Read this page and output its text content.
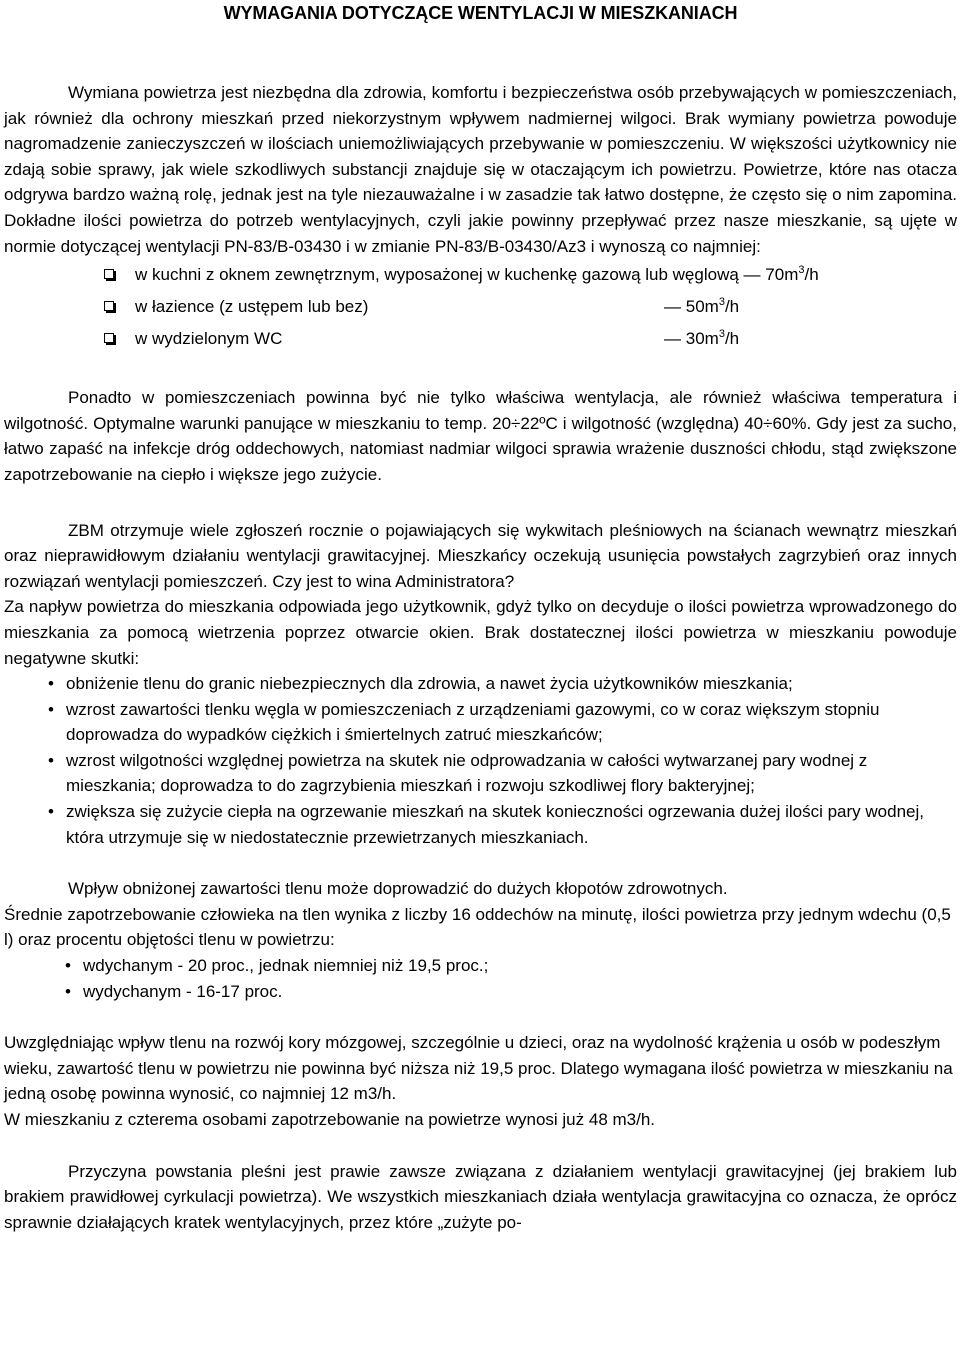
WYMAGANIA DOTYCZĄCE WENTYLACJI W MIESZKANIACH

Wymiana powietrza jest niezbędna dla zdrowia, komfortu i bezpieczeństwa osób przebywających w pomieszczeniach, jak również dla ochrony mieszkań przed niekorzystnym wpływem nadmiernej wilgoci. Brak wymiany powietrza powoduje nagromadzenie zanieczyszczeń w ilościach uniemożliwiających przebywanie w pomieszczeniu. W większości użytkownicy nie zdają sobie sprawy, jak wiele szkodliwych substancji znajduje się w otaczającym ich powietrzu. Powietrze, które nas otacza odgrywa bardzo ważną rolę, jednak jest na tyle niezauważalne i w zasadzie tak łatwo dostępne, że często się o nim zapomina. Dokładne ilości powietrza do potrzeb wentylacyjnych, czyli jakie powinny przepływać przez nasze mieszkanie, są ujęte w normie dotyczącej wentylacji PN-83/B-03430 i w zmianie PN-83/B-03430/Az3 i wynoszą co najmniej:

w kuchni z oknem zewnętrznym, wyposażonej w kuchenkę gazową lub węglową — $70m^3/h$
w łazience (z ustępem lub bez)	— $50m^3/h$
w wydzielonym WC	— $30m^3/h$

Ponadto w pomieszczeniach powinna być nie tylko właściwa wentylacja, ale również właściwa temperatura i wilgotność. Optymalne warunki panujące w mieszkaniu to temp. 20÷22ºC i wilgotność (względna) 40÷60%. Gdy jest za sucho, łatwo zapaść na infekcje dróg oddechowych, natomiast nadmiar wilgoci sprawia wrażenie duszności chłodu, stąd zwiększone zapotrzebowanie na ciepło i większe jego zużycie.

ZBM otrzymuje wiele zgłoszeń rocznie o pojawiających się wykwitach pleśniowych na ścianach wewnątrz mieszkań oraz nieprawidłowym działaniu wentylacji grawitacyjnej. Mieszkańcy oczekują usunięcia powstałych zagrzybień oraz innych rozwiązań wentylacji pomieszczeń. Czy jest to wina Administratora?

Za napływ powietrza do mieszkania odpowiada jego użytkownik, gdyż tylko on decyduje o ilości powietrza wprowadzonego do mieszkania za pomocą wietrzenia poprzez otwarcie okien. Brak dostatecznej ilości powietrza w mieszkaniu powoduje negatywne skutki:

• obniżenie tlenu do granic niebezpiecznych dla zdrowia, a nawet życia użytkowników mieszkania;
• wzrost zawartości tlenku węgla w pomieszczeniach z urządzeniami gazowymi, co w coraz większym stopniu doprowadza do wypadków ciężkich i śmiertelnych zatruć mieszkańców;
• wzrost wilgotności względnej powietrza na skutek nie odprowadzania w całości wytwarzanej pary wodnej z mieszkania; doprowadza to do zagrzybienia mieszkań i rozwoju szkodliwej flory bakteryjnej;
• zwiększa się zużycie ciepła na ogrzewanie mieszkań na skutek konieczności ogrzewania dużej ilości pary wodnej, która utrzymuje się w niedostatecznie przewietrzanych mieszkaniach.

Wpływ obniżonej zawartości tlenu może doprowadzić do dużych kłopotów zdrowotnych.

Średnie zapotrzebowanie człowieka na tlen wynika z liczby 16 oddechów na minutę, ilości powietrza przy jednym wdechu (0,5 l) oraz procentu objętości tlenu w powietrzu:

• wdychanym - 20 proc., jednak niemniej niż 19,5 proc.;
• wydychanym - 16-17 proc.

Uwzględniając wpływ tlenu na rozwój kory mózgowej, szczególnie u dzieci, oraz na wydolność krążenia u osób w podeszłym wieku, zawartość tlenu w powietrzu nie powinna być niższa niż 19,5 proc. Dlatego wymagana ilość powietrza w mieszkaniu na jedną osobę powinna wynosić, co najmniej 12 m3/h.

W mieszkaniu z czterema osobami zapotrzebowanie na powietrze wynosi już 48 m3/h.

Przyczyna powstania pleśni jest prawie zawsze związana z działaniem wentylacji grawitacyjnej (jej brakiem lub brakiem prawidłowej cyrkulacji powietrza). We wszystkich mieszkaniach działa wentylacja grawitacyjna co oznacza, że oprócz sprawnie działających kratek wentylacyjnych, przez które „zużyte po-
